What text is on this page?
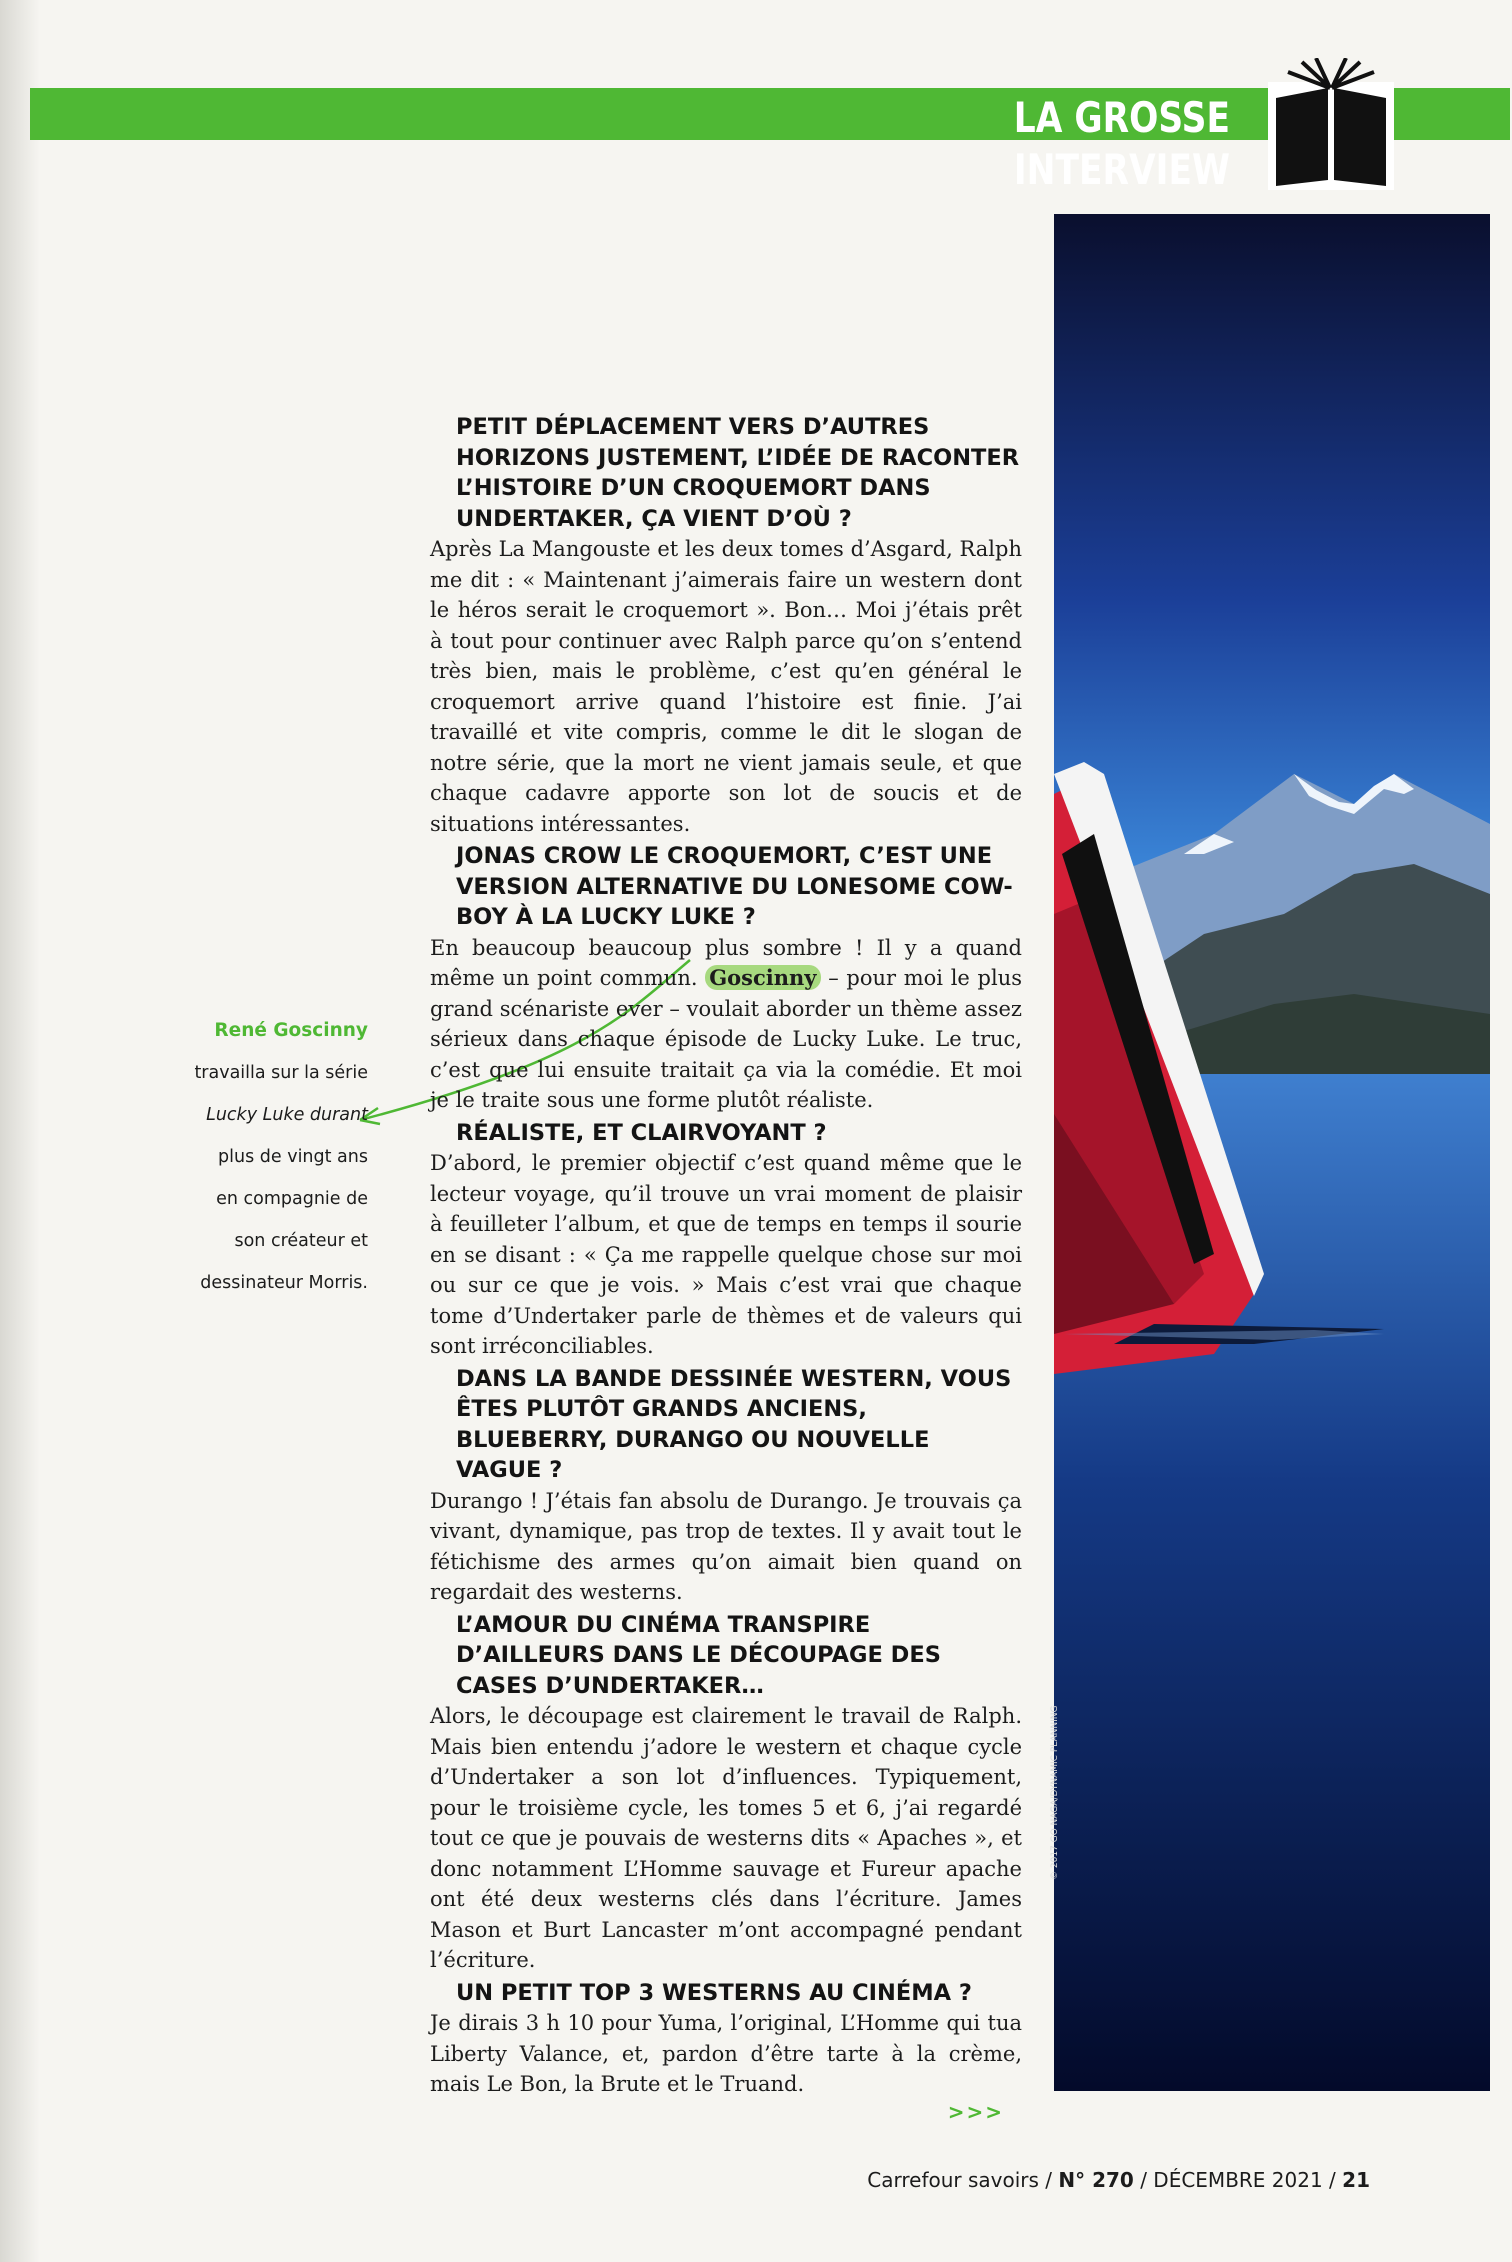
LA GROSSE INTERVIEW
© 2017 GO NAGA/DYNAMIC PLANNING
René Goscinny
travailla sur la série
Lucky Luke durant
plus de vingt ans
en compagnie de
son créateur et
dessinateur Morris.

PETIT DÉPLACEMENT VERS D’AUTRES HORIZONS JUSTEMENT, L’IDÉE DE RACONTER L’HISTOIRE D’UN CROQUEMORT DANS UNDERTAKER, ÇA VIENT D’OÙ ?

Après La Mangouste et les deux tomes d’Asgard, Ralph me dit : « Maintenant j’aimerais faire un western dont le héros serait le croquemort ». Bon… Moi j’étais prêt à tout pour continuer avec Ralph parce qu’on s’entend très bien, mais le problème, c’est qu’en général le croquemort arrive quand l’histoire est finie. J’ai travaillé et vite compris, comme le dit le slogan de notre série, que la mort ne vient jamais seule, et que chaque cadavre apporte son lot de soucis et de situations intéressantes.

JONAS CROW LE CROQUEMORT, C’EST UNE VERSION ALTERNATIVE DU LONESOME COW-BOY À LA LUCKY LUKE ?

En beaucoup beaucoup plus sombre ! Il y a quand même un point commun. Goscinny – pour moi le plus grand scénariste ever – voulait aborder un thème assez sérieux dans chaque épisode de Lucky Luke. Le truc, c’est que lui ensuite traitait ça via la comédie. Et moi je le traite sous une forme plutôt réaliste.

RÉALISTE, ET CLAIRVOYANT ?

D’abord, le premier objectif c’est quand même que le lecteur voyage, qu’il trouve un vrai moment de plaisir à feuilleter l’album, et que de temps en temps il sourie en se disant : « Ça me rappelle quelque chose sur moi ou sur ce que je vois. » Mais c’est vrai que chaque tome d’Undertaker parle de thèmes et de valeurs qui sont irréconciliables.

DANS LA BANDE DESSINÉE WESTERN, VOUS ÊTES PLUTÔT GRANDS ANCIENS, BLUEBERRY, DURANGO OU NOUVELLE VAGUE ?

Durango ! J’étais fan absolu de Durango. Je trouvais ça vivant, dynamique, pas trop de textes. Il y avait tout le fétichisme des armes qu’on aimait bien quand on regardait des westerns.

L’AMOUR DU CINÉMA TRANSPIRE D’AILLEURS DANS LE DÉCOUPAGE DES CASES D’UNDERTAKER…

Alors, le découpage est clairement le travail de Ralph. Mais bien entendu j’adore le western et chaque cycle d’Undertaker a son lot d’influences. Typiquement, pour le troisième cycle, les tomes 5 et 6, j’ai regardé tout ce que je pouvais de westerns dits « Apaches », et donc notamment L’Homme sauvage et Fureur apache ont été deux westerns clés dans l’écriture. James Mason et Burt Lancaster m’ont accompagné pendant l’écriture.

UN PETIT TOP 3 WESTERNS AU CINÉMA ?

Je dirais 3 h 10 pour Yuma, l’original, L’Homme qui tua Liberty Valance, et, pardon d’être tarte à la crème, mais Le Bon, la Brute et le Truand.

>>>
Carrefour savoirs / N° 270 / DÉCEMBRE 2021 / 21
